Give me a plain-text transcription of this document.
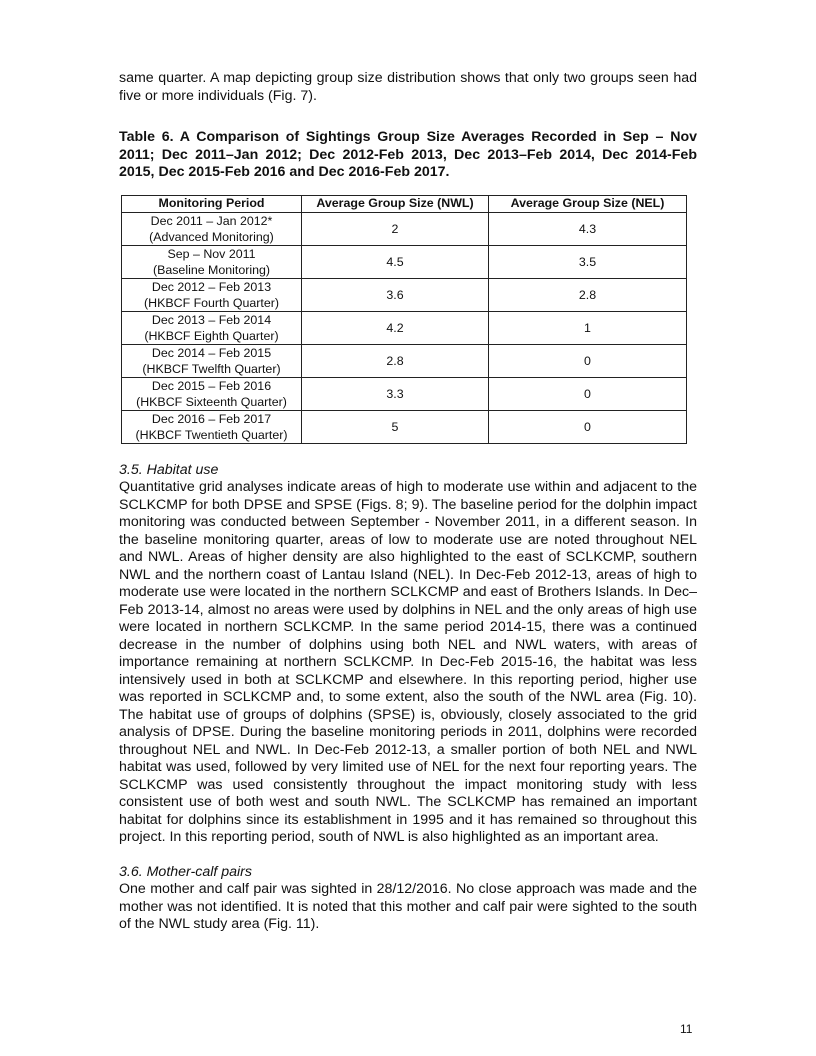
same quarter. A map depicting group size distribution shows that only two groups seen had five or more individuals (Fig. 7).

Table 6. A Comparison of Sightings Group Size Averages Recorded in Sep – Nov 2011; Dec 2011–Jan 2012; Dec 2012-Feb 2013, Dec 2013–Feb 2014, Dec 2014-Feb 2015, Dec 2015-Feb 2016 and Dec 2016-Feb 2017.

Monitoring Period	Average Group Size (NWL)	Average Group Size (NEL)
Dec 2011 – Jan 2012*
(Advanced Monitoring)	2	4.3
Sep – Nov 2011
(Baseline Monitoring)	4.5	3.5
Dec 2012 – Feb 2013
(HKBCF Fourth Quarter)	3.6	2.8
Dec 2013 – Feb 2014
(HKBCF Eighth Quarter)	4.2	1
Dec 2014 – Feb 2015
(HKBCF Twelfth Quarter)	2.8	0
Dec 2015 – Feb 2016
(HKBCF Sixteenth Quarter)	3.3	0
Dec 2016 – Feb 2017
(HKBCF Twentieth Quarter)	5	0
3.5. Habitat use

Quantitative grid analyses indicate areas of high to moderate use within and adjacent to the SCLKCMP for both DPSE and SPSE (Figs. 8; 9). The baseline period for the dolphin impact monitoring was conducted between September - November 2011, in a different season. In the baseline monitoring quarter, areas of low to moderate use are noted throughout NEL and NWL. Areas of higher density are also highlighted to the east of SCLKCMP, southern NWL and the northern coast of Lantau Island (NEL). In Dec-Feb 2012-13, areas of high to moderate use were located in the northern SCLKCMP and east of Brothers Islands. In Dec–Feb 2013-14, almost no areas were used by dolphins in NEL and the only areas of high use were located in northern SCLKCMP. In the same period 2014-15, there was a continued decrease in the number of dolphins using both NEL and NWL waters, with areas of importance remaining at northern SCLKCMP. In Dec-Feb 2015-16, the habitat was less intensively used in both at SCLKCMP and elsewhere. In this reporting period, higher use was reported in SCLKCMP and, to some extent, also the south of the NWL area (Fig. 10). The habitat use of groups of dolphins (SPSE) is, obviously, closely associated to the grid analysis of DPSE. During the baseline monitoring periods in 2011, dolphins were recorded throughout NEL and NWL. In Dec-Feb 2012-13, a smaller portion of both NEL and NWL habitat was used, followed by very limited use of NEL for the next four reporting years. The SCLKCMP was used consistently throughout the impact monitoring study with less consistent use of both west and south NWL. The SCLKCMP has remained an important habitat for dolphins since its establishment in 1995 and it has remained so throughout this project. In this reporting period, south of NWL is also highlighted as an important area.

3.6. Mother-calf pairs

One mother and calf pair was sighted in 28/12/2016. No close approach was made and the mother was not identified. It is noted that this mother and calf pair were sighted to the south of the NWL study area (Fig. 11).

11
